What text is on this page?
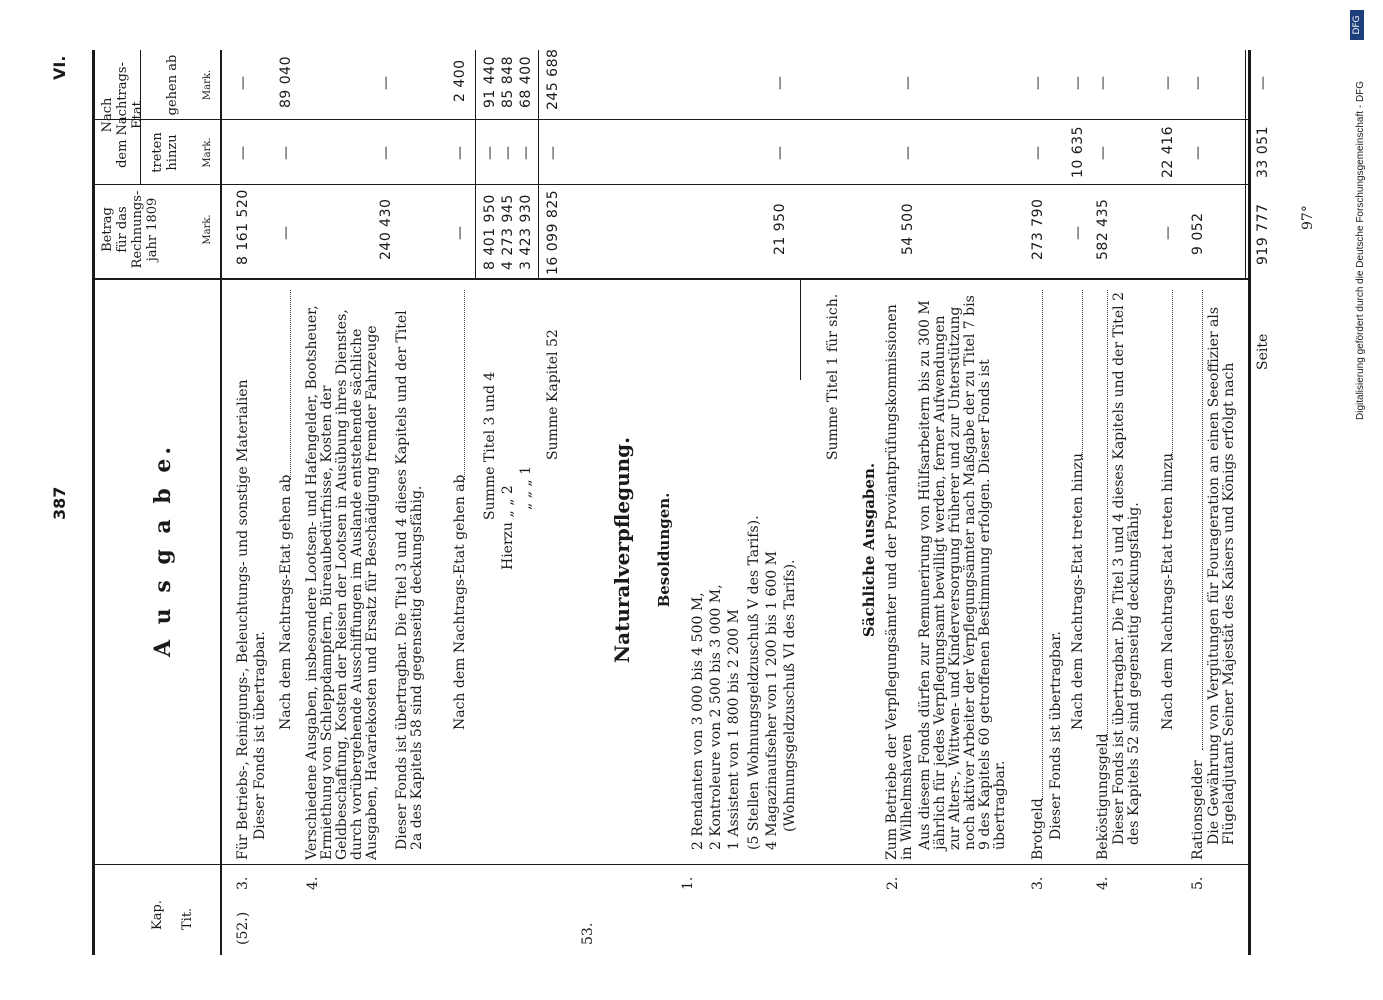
387
VI.
Kap. Tit.
A u s g a b e.
Betrag
für das
Rechnungs-
jahr 1809	Mark.
Nach
dem Nachtrags-Etat
treten
hinzu Mark.
gehen ab Mark.
(52.)
3.
Für Betriebs-, Reinigungs-, Beleuchtungs- und sonstige Materialien Dieser Fonds ist übertragbar.
8 161 520
—
—
Nach dem Nachtrags-Etat gehen ab
—
—
89 040
4.
Verschiedene Ausgaben, insbesondere Lootsen- und Hafengelder, Bootsheuer, Ermiethung von Schleppdampfern, Büreaubedürfnisse, Kosten der Geldbeschaffung, Kosten der Reisen der Lootsen in Ausübung ihres Dienstes, durch vorübergehende Ausschiffungen im Auslande entstehende sächliche Ausgaben, Havariekosten und Ersatz für Beschädigung fremder Fahrzeuge Dieser Fonds ist übertragbar. Die Titel 3 und 4 dieses Kapitels und der Titel 2a des Kapitels 58 sind gegenseitig deckungsfähig.
240 430
—
—
Nach dem Nachtrags-Etat gehen ab
—
—
2 400
Summe Titel 3 und 4
8 401 950
—
91 440
Hierzu „ „ 2
4 273 945
—
85 848
„ „ „ 1
3 423 930
—
68 400
Summe Kapitel 52
16 099 825
—
245 688
53.
Naturalverpflegung. Besoldungen.
1.
2 Rendanten von 3 000 bis 4 500 M, 2 Kontroleure von 2 500 bis 3 000 M, 1 Assistent von 1 800 bis 2 200 M (5 Stellen Wohnungsgeldzuschuß V des Tarifs). 4 Magazinaufseher von 1 200 bis 1 600 M (Wohnungsgeldzuschuß VI des Tarifs).
21 950
—
—
Summe Titel 1 für sich.
Sächliche Ausgaben.
2.
Zum Betriebe der Verpflegungsämter und der Proviantprüfungskommissionen in Wilhelmshaven Aus diesem Fonds dürfen zur Remunerirung von Hülfsarbeitern bis zu 300 M jährlich für jedes Verpflegungsamt bewilligt werden, ferner Aufwendungen zur Alters-, Wittwen- und Kinderversorgung früherer und zur Unterstützung noch aktiver Arbeiter der Verpflegungsämter nach Maßgabe der zu Titel 7 bis 9 des Kapitels 60 getroffenen Bestimmung erfolgen. Dieser Fonds ist übertragbar.
54 500
—
—
3.
Brotgeld Dieser Fonds ist übertragbar.
273 790
—
—
Nach dem Nachtrags-Etat treten hinzu
—
10 635
—
4.
Beköstigungsgeld Dieser Fonds ist übertragbar. Die Titel 3 und 4 dieses Kapitels und der Titel 2 des Kapitels 52 sind gegenseitig deckungsfähig.
582 435
—
—
Nach dem Nachtrags-Etat treten hinzu
—
22 416
—
5.
Rationsgelder Die Gewährung von Vergütungen für Fourageration an einen Seeoffizier als Flügeladjutant Seiner Majestät des Kaisers und Königs erfolgt nach
9 052
—
—
Seite
919 777
33 051
—
97°	Digitalisierung gefördert durch die Deutsche Forschungsgemeinschaft - DFG
DFG
